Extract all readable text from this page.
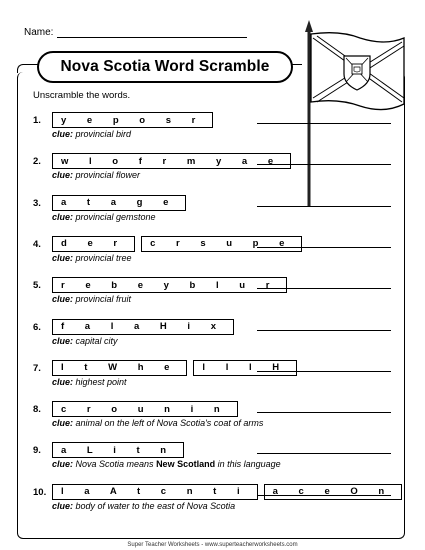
Name:
Nova Scotia Word Scramble
Unscramble the words.
1.	y e p o s r
clue: provincial bird
2.	w l o f r m y a e
clue: provincial flower
3.	a t a g e
clue: provincial gemstone
4.	d e r	c r s u p e
clue: provincial tree
5.	r e b e y b l u r
clue: provincial fruit
6.	f a l a H i x
clue: capital city
7.	I t W h e	l l l H
clue: highest point
8.	c r o u n i n
clue: animal on the left of Nova Scotia's coat of arms
9.	a L i t n
clue: Nova Scotia means New Scotland in this language
10.	l a A t c n t i	a c e O n
clue: body of water to the east of Nova Scotia
Super Teacher Worksheets - www.superteacherworksheets.com
